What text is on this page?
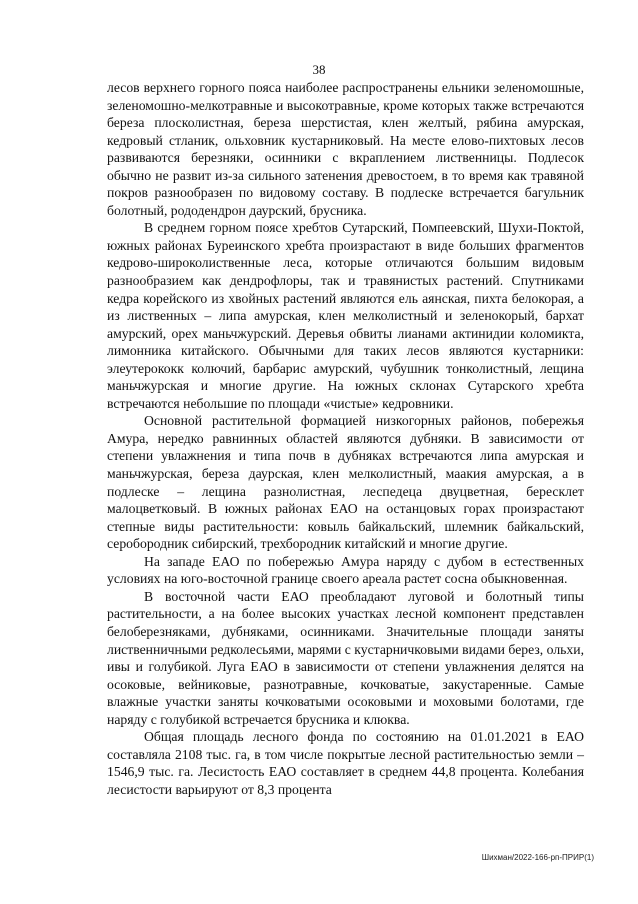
38

лесов верхнего горного пояса наиболее распространены ельники зеленомошные, зеленомошно-мелкотравные и высокотравные, кроме которых также встречаются береза плосколистная, береза шерстистая, клен желтый, рябина амурская, кедровый стланик, ольховник кустарниковый. На месте елово-пихтовых лесов развиваются березняки, осинники с вкраплением лиственницы. Подлесок обычно не развит из-за сильного затенения древостоем, в то время как травяной покров разнообразен по видовому составу. В подлеске встречается багульник болотный, рододендрон даурский, брусника.

В среднем горном поясе хребтов Сутарский, Помпеевский, Шухи-Поктой, южных районах Буреинского хребта произрастают в виде больших фрагментов кедрово-широколиственные леса, которые отличаются большим видовым разнообразием как дендрофлоры, так и травянистых растений. Спутниками кедра корейского из хвойных растений являются ель аянская, пихта белокорая, а из лиственных – липа амурская, клен мелколистный и зеленокорый, бархат амурский, орех маньчжурский. Деревья обвиты лианами актинидии коломикта, лимонника китайского. Обычными для таких лесов являются кустарники: элеутерококк колючий, барбарис амурский, чубушник тонколистный, лещина маньчжурская и многие другие. На южных склонах Сутарского хребта встречаются небольшие по площади «чистые» кедровники.

Основной растительной формацией низкогорных районов, побережья Амура, нередко равнинных областей являются дубняки. В зависимости от степени увлажнения и типа почв в дубняках встречаются липа амурская и маньчжурская, береза даурская, клен мелколистный, маакия амурская, а в подлеске – лещина разнолистная, леспедеца двуцветная, бересклет малоцветковый. В южных районах ЕАО на останцовых горах произрастают степные виды растительности: ковыль байкальский, шлемник байкальский, серобородник сибирский, трехбородник китайский и многие другие.

На западе ЕАО по побережью Амура наряду с дубом в естественных условиях на юго-восточной границе своего ареала растет сосна обыкновенная.

В восточной части ЕАО преобладают луговой и болотный типы растительности, а на более высоких участках лесной компонент представлен белоберезняками, дубняками, осинниками. Значительные площади заняты лиственничными редколесьями, марями с кустарничковыми видами берез, ольхи, ивы и голубикой. Луга ЕАО в зависимости от степени увлажнения делятся на осоковые, вейниковые, разнотравные, кочковатые, закустаренные. Самые влажные участки заняты кочковатыми осоковыми и моховыми болотами, где наряду с голубикой встречается брусника и клюква.

Общая площадь лесного фонда по состоянию на 01.01.2021 в ЕАО составляла 2108 тыс. га, в том числе покрытые лесной растительностью земли – 1546,9 тыс. га. Лесистость ЕАО составляет в среднем 44,8 процента. Колебания лесистости варьируют от 8,3 процента

Шихман/2022-166-рп-ПРИР(1)
